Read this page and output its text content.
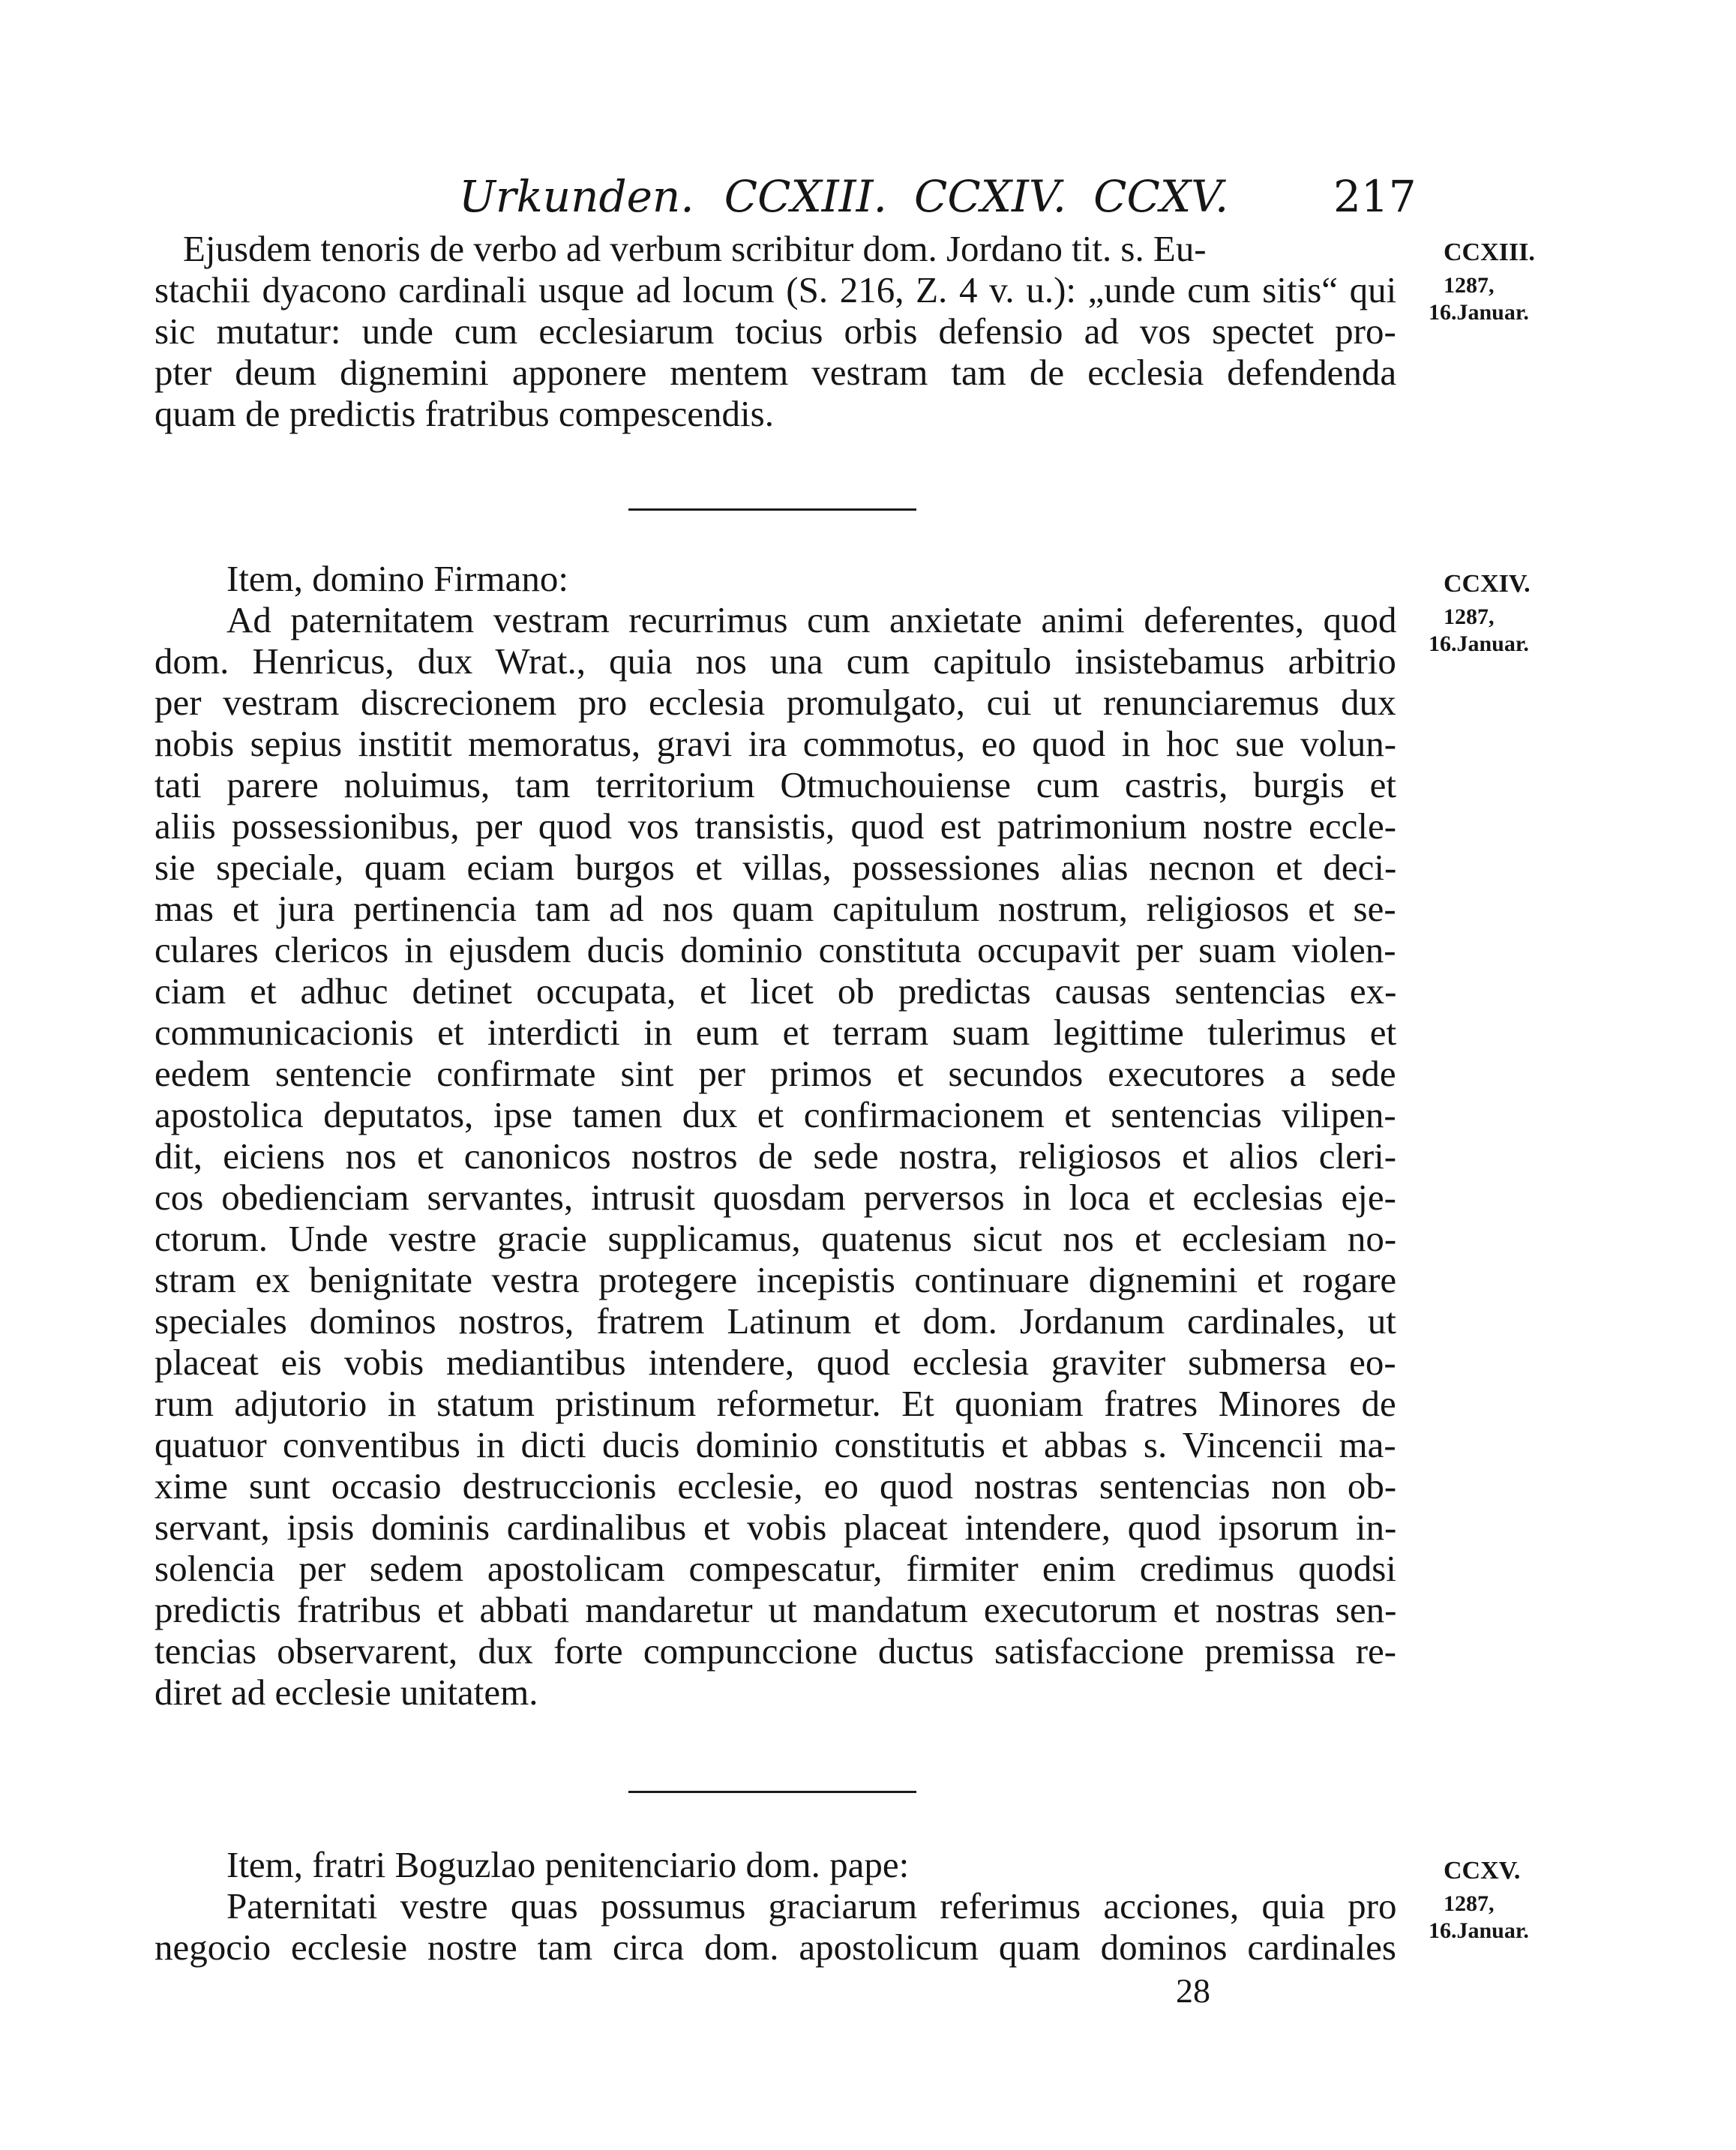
Urkunden. CCXIII. CCXIV. CCXV. 217
Ejusdem tenoris de verbo ad verbum scribitur dom. Jordano tit. s. Eu-
stachii dyacono cardinali usque ad locum (S. 216, Z. 4 v. u.): „unde cum sitis“ qui
sic mutatur: unde cum ecclesiarum tocius orbis defensio ad vos spectet pro-
pter deum dignemini apponere mentem vestram tam de ecclesia defendenda
quam de predictis fratribus compescendis.
CCXIII.
1287,
16.Januar.
Item, domino Firmano:	CCXIV.
1287,
16.Januar.
Ad paternitatem vestram recurrimus cum anxietate animi deferentes, quod
dom. Henricus, dux Wrat., quia nos una cum capitulo insistebamus arbitrio
per vestram discrecionem pro ecclesia promulgato, cui ut renunciaremus dux
nobis sepius institit memoratus, gravi ira commotus, eo quod in hoc sue volun-
tati parere noluimus, tam territorium Otmuchouiense cum castris, burgis et
aliis possessionibus, per quod vos transistis, quod est patrimonium nostre eccle-
sie speciale, quam eciam burgos et villas, possessiones alias necnon et deci-
mas et jura pertinencia tam ad nos quam capitulum nostrum, religiosos et se-
culares clericos in ejusdem ducis dominio constituta occupavit per suam violen-
ciam et adhuc detinet occupata, et licet ob predictas causas sentencias ex-
communicacionis et interdicti in eum et terram suam legittime tulerimus et
eedem sentencie confirmate sint per primos et secundos executores a sede
apostolica deputatos, ipse tamen dux et confirmacionem et sentencias vilipen-
dit, eiciens nos et canonicos nostros de sede nostra, religiosos et alios cleri-
cos obedienciam servantes, intrusit quosdam perversos in loca et ecclesias eje-
ctorum. Unde vestre gracie supplicamus, quatenus sicut nos et ecclesiam no-
stram ex benignitate vestra protegere incepistis continuare dignemini et rogare
speciales dominos nostros, fratrem Latinum et dom. Jordanum cardinales, ut
placeat eis vobis mediantibus intendere, quod ecclesia graviter submersa eo-
rum adjutorio in statum pristinum reformetur. Et quoniam fratres Minores de
quatuor conventibus in dicti ducis dominio constitutis et abbas s. Vincencii ma-
xime sunt occasio destruccionis ecclesie, eo quod nostras sentencias non ob-
servant, ipsis dominis cardinalibus et vobis placeat intendere, quod ipsorum in-
solencia per sedem apostolicam compescatur, firmiter enim credimus quodsi
predictis fratribus et abbati mandaretur ut mandatum executorum et nostras sen-
tencias observarent, dux forte compunccione ductus satisfaccione premissa re-
diret ad ecclesie unitatem.
Item, fratri Boguzlao penitenciario dom. pape:	CCXV.
1287,
16.Januar.
Paternitati vestre quas possumus graciarum referimus acciones, quia pro
negocio ecclesie nostre tam circa dom. apostolicum quam dominos cardinales
28
